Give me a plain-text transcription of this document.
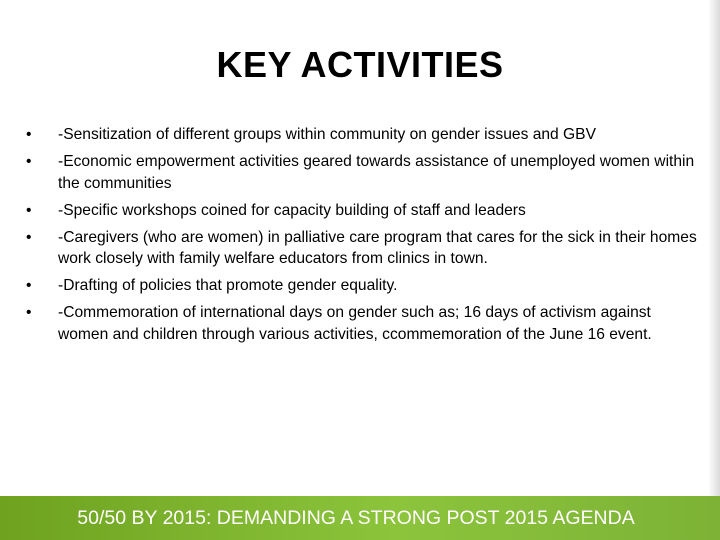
KEY ACTIVITIES
•	-Sensitization of different groups within community on gender issues and GBV
•	-Economic empowerment activities geared towards assistance of unemployed women within the communities
•	-Specific workshops coined for capacity building of staff and leaders
•	-Caregivers (who are women) in palliative care program that cares for the sick in their homes work closely with family welfare educators from clinics in town.
•	-Drafting of policies that promote gender equality.
•	-Commemoration of international days on gender such as; 16 days of activism against women and children through various activities, ccommemoration of the June 16 event.
50/50 BY 2015: DEMANDING A STRONG POST 2015 AGENDA
